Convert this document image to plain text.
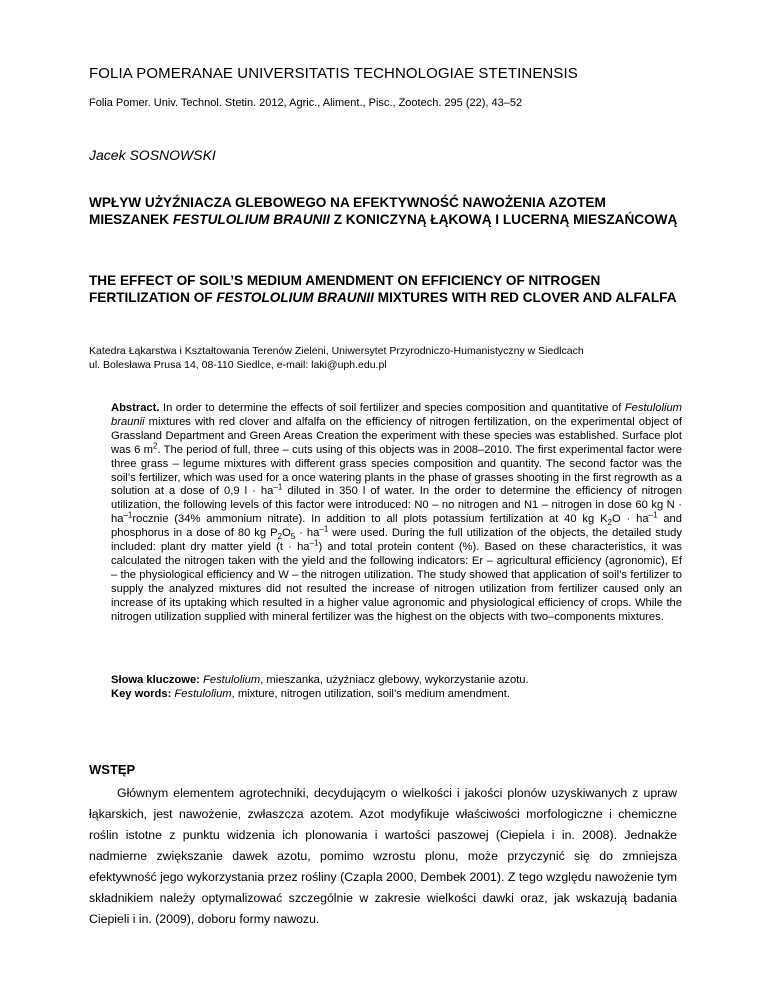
FOLIA POMERANAE UNIVERSITATIS TECHNOLOGIAE STETINENSIS
Folia Pomer. Univ. Technol. Stetin. 2012, Agric., Aliment., Pisc., Zootech. 295 (22), 43–52
Jacek SOSNOWSKI
WPŁYW UŻYŹNIACZA GLEBOWEGO NA EFEKTYWNOŚĆ NAWOŻENIA AZOTEM MIESZANEK FESTULOLIUM BRAUNII Z KONICZYNĄ ŁĄKOWĄ I LUCERNĄ MIESZAŃCOWĄ
THE EFFECT OF SOIL’S MEDIUM AMENDMENT ON EFFICIENCY OF NITROGEN FERTILIZATION OF FESTOLOLIUM BRAUNII MIXTURES WITH RED CLOVER AND ALFALFA
Katedra Łąkarstwa i Kształtowania Terenów Zieleni, Uniwersytet Przyrodniczo-Humanistyczny w Siedlcach
ul. Bolesława Prusa 14, 08-110 Siedlce, e-mail: laki@uph.edu.pl
Abstract. In order to determine the effects of soil fertilizer and species composition and quantitative of Festulolium braunii mixtures with red clover and alfalfa on the efficiency of nitrogen fertilization, on the experimental object of Grassland Department and Green Areas Creation the experiment with these species was established. Surface plot was 6 $m^2$. The period of full, three – cuts using of this objects was in 2008–2010. The first experimental factor were three grass – legume mixtures with different grass species composition and quantity. The second factor was the soil’s fertilizer, which was used for a once watering plants in the phase of grasses shooting in the first regrowth as a solution at a dose of 0,9 $l \cdot ha^{-1}$ diluted in 350 l of water. In the order to determine the efficiency of nitrogen utilization, the following levels of this factor were introduced: N0 – no nitrogen and N1 – nitrogen in dose 60 kg $N \cdot ha^{-1}rocznie$ (34% ammonium nitrate). In addition to all plots potassium fertilization at 40 kg $K_2O \cdot ha^{-1}$ and phosphorus in a dose of 80 kg $P_2O_5 \cdot ha^{-1}$ were used. During the full utilization of the objects, the detailed study included: plant dry matter yield $(t \cdot ha^{-1})$ and total protein content (%). Based on these characteristics, it was calculated the nitrogen taken with the yield and the following indicators: Er – agricultural efficiency (agronomic), Ef – the physiological efficiency and W – the nitrogen utilization. The study showed that application of soil’s fertilizer to supply the analyzed mixtures did not resulted the increase of nitrogen utilization from fertilizer caused only an increase of its uptaking which resulted in a higher value agronomic and physiological efficiency of crops. While the nitrogen utilization supplied with mineral fertilizer was the highest on the objects with two–components mixtures.
Słowa kluczowe: Festulolium, mieszanka, użyźniacz glebowy, wykorzystanie azotu.
Key words: Festulolium, mixture, nitrogen utilization, soil’s medium amendment.
WSTĘP
Głównym elementem agrotechniki, decydującym o wielkości i jakości plonów uzyskiwanych z upraw łąkarskich, jest nawożenie, zwłaszcza azotem. Azot modyfikuje właściwości morfologiczne i chemiczne roślin istotne z punktu widzenia ich plonowania i wartości paszowej (Ciepiela i in. 2008). Jednakże nadmierne zwiększanie dawek azotu, pomimo wzrostu plonu, może przyczynić się do zmniejsza efektywność jego wykorzystania przez rośliny (Czapla 2000, Dembek 2001). Z tego względu nawożenie tym składnikiem należy optymalizować szczególnie w zakresie wielkości dawki oraz, jak wskazują badania Ciepieli i in. (2009), doboru formy nawozu.
